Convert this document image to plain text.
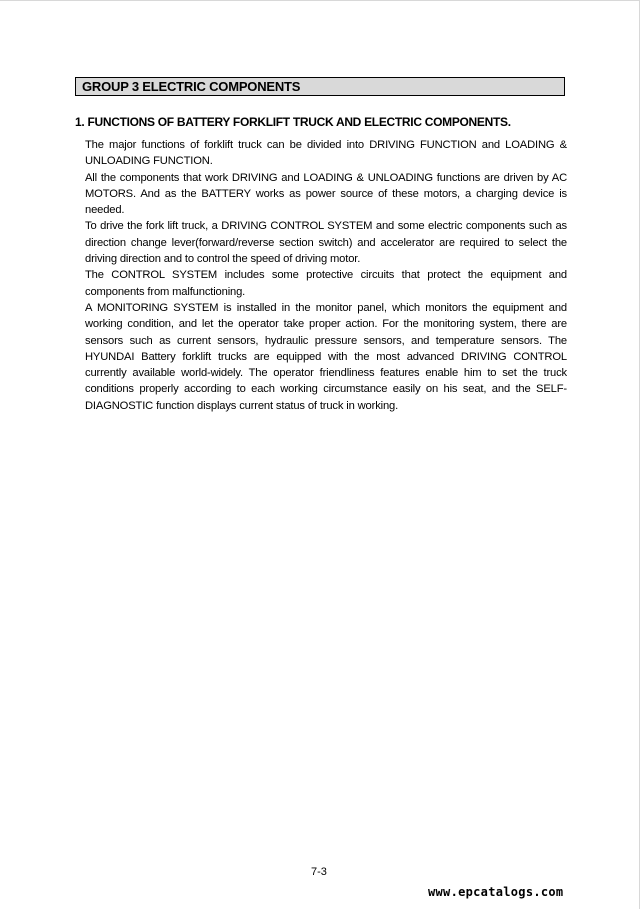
GROUP 3 ELECTRIC COMPONENTS
1. FUNCTIONS OF BATTERY FORKLIFT TRUCK AND ELECTRIC COMPONENTS.
The major functions of forklift truck can be divided into DRIVING FUNCTION and LOADING &
UNLOADING FUNCTION.
All the components that work DRIVING and LOADING & UNLOADING functions are driven by AC
MOTORS. And as the BATTERY works as power source of these motors, a charging device is
needed.
To drive the fork lift truck, a DRIVING CONTROL SYSTEM and some electric components such as
direction change lever(forward/reverse section switch) and accelerator are required to select the
driving direction and to control the speed of driving motor.
The CONTROL SYSTEM includes some protective circuits that protect the equipment and
components from malfunctioning.
A MONITORING SYSTEM is installed in the monitor panel, which monitors the equipment and
working condition, and let the operator take proper action. For the monitoring system, there are
sensors such as current sensors, hydraulic pressure sensors, and temperature sensors. The
HYUNDAI Battery forklift trucks are equipped with the most advanced DRIVING CONTROL
currently available world-widely. The operator friendliness features enable him to set the truck
conditions properly according to each working circumstance easily on his seat, and the SELF-
DIAGNOSTIC function displays current status of truck in working.
7-3
www.epcatalogs.com
